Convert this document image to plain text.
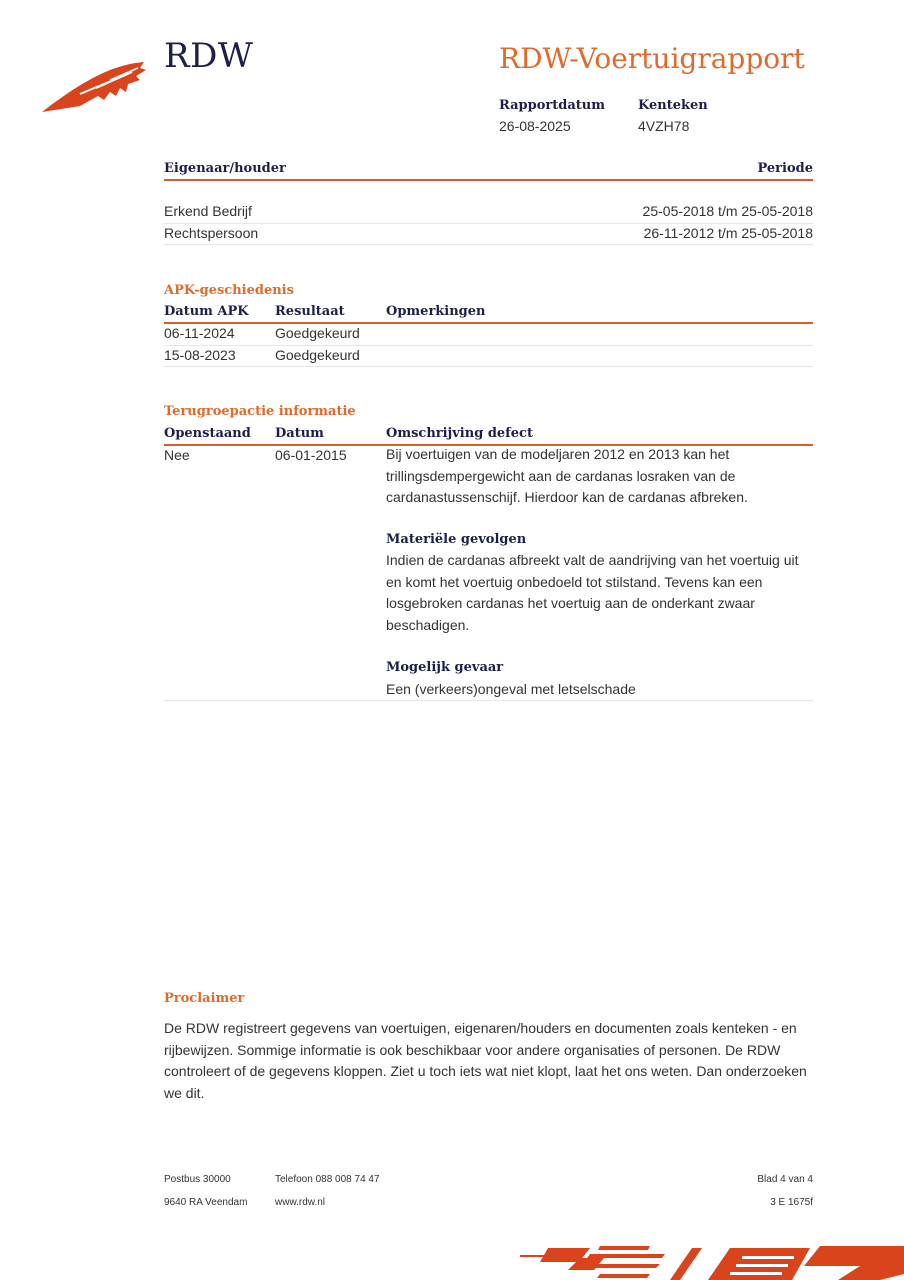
RDW	RDW-Voertuigrapport
Rapportdatum
26-08-2025
Kenteken
4VZH78
Eigenaar/houder	Periode
Erkend Bedrijf	25-05-2018 t/m 25-05-2018
Rechtspersoon	26-11-2012 t/m 25-05-2018
APK-geschiedenis
Datum APK Resultaat	Opmerkingen
06-11-2024	Goedgekeurd
15-08-2023	Goedgekeurd
Terugroepactie informatie
Openstaand Datum	Omschrijving defect
Nee	06-01-2015	Bij voertuigen van de modeljaren 2012 en 2013 kan het
trillingsdempergewicht aan de cardanas losraken van de
cardanastussenschijf. Hierdoor kan de cardanas afbreken.
Materiële gevolgen
Indien de cardanas afbreekt valt de aandrijving van het voertuig uit
en komt het voertuig onbedoeld tot stilstand. Tevens kan een
losgebroken cardanas het voertuig aan de onderkant zwaar
beschadigen.
Mogelijk gevaar
Een (verkeers)ongeval met letselschade
Proclaimer
De RDW registreert gegevens van voertuigen, eigenaren/houders en documenten zoals kenteken - en
rijbewijzen. Sommige informatie is ook beschikbaar voor andere organisaties of personen. De RDW
controleert of de gegevens kloppen. Ziet u toch iets wat niet klopt, laat het ons weten. Dan onderzoeken
we dit.
Postbus 30000
9640 RA Veendam
Telefoon 088 008 74 47
www.rdw.nl
Blad 4 van 4
3 E 1675f
